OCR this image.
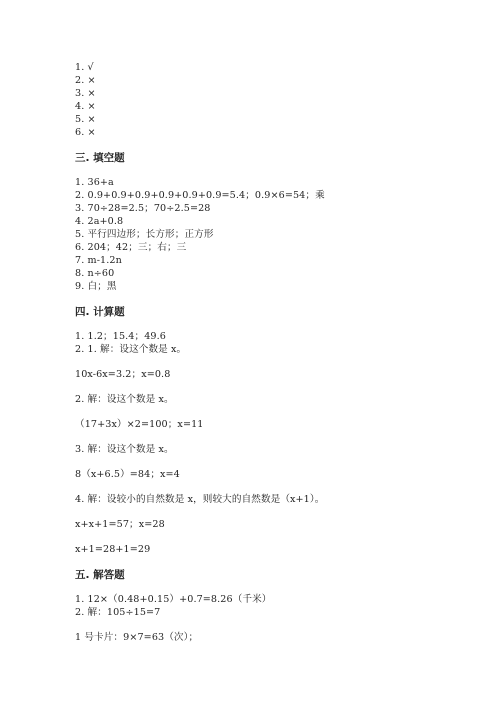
1. √
2. ×
3. ×
4. ×
5. ×
6. ×
三. 填空题
1. 36+a
2. 0.9+0.9+0.9+0.9+0.9+0.9=5.4；0.9×6=54；乘
3. 70÷28=2.5；70÷2.5=28
4. 2a+0.8
5. 平行四边形；长方形；正方形
6. 204；42；三；右；三
7. m-1.2n
8. n÷60
9. 白；黑
四. 计算题
1. 1.2；15.4；49.6
2. 1. 解：设这个数是 x。
10x-6x=3.2；x=0.8
2. 解：设这个数是 x。
（17+3x）×2=100；x=11
3. 解：设这个数是 x。
8（x+6.5）=84；x=4
4. 解：设较小的自然数是 x，则较大的自然数是（x+1）。
x+x+1=57；x=28
x+1=28+1=29
五. 解答题
1. 12×（0.48+0.15）+0.7=8.26（千米）
2. 解：105÷15=7
1 号卡片：9×7=63（次）；
